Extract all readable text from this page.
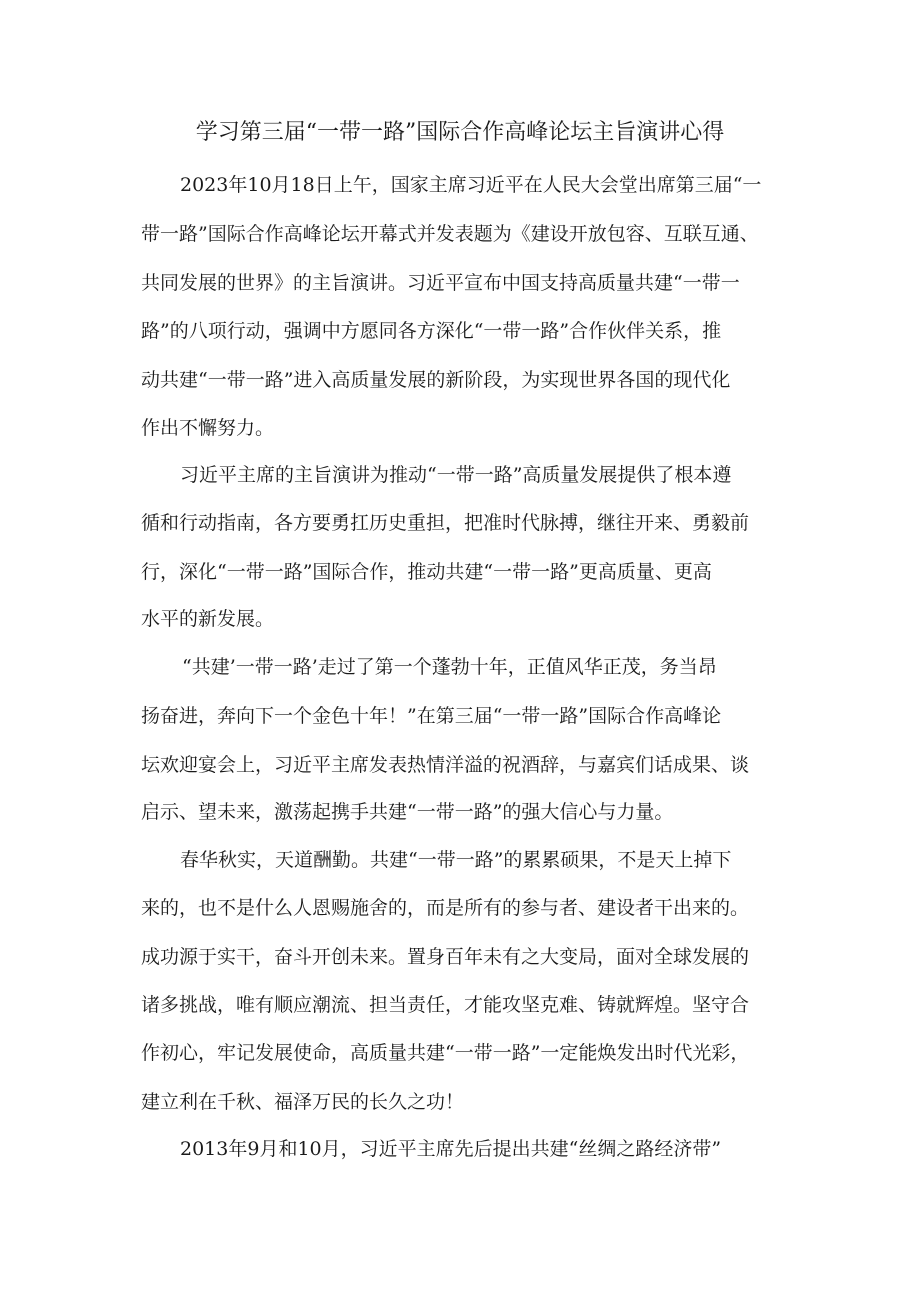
学习第三届“一带一路”国际合作高峰论坛主旨演讲心得
2023年10月18日上午，国家主席习近平在人民大会堂出席第三届“一
带一路”国际合作高峰论坛开幕式并发表题为《建设开放包容、互联互通、
共同发展的世界》的主旨演讲。习近平宣布中国支持高质量共建“一带一
路”的八项行动，强调中方愿同各方深化“一带一路”合作伙伴关系，推
动共建“一带一路”进入高质量发展的新阶段，为实现世界各国的现代化
作出不懈努力。
习近平主席的主旨演讲为推动“一带一路”高质量发展提供了根本遵
循和行动指南，各方要勇扛历史重担，把准时代脉搏，继往开来、勇毅前
行，深化“一带一路”国际合作，推动共建“一带一路”更高质量、更高
水平的新发展。
“共建’一带一路’走过了第一个蓬勃十年，正值风华正茂，务当昂
扬奋进，奔向下一个金色十年！”在第三届“一带一路”国际合作高峰论
坛欢迎宴会上，习近平主席发表热情洋溢的祝酒辞，与嘉宾们话成果、谈
启示、望未来，激荡起携手共建“一带一路”的强大信心与力量。
春华秋实，天道酬勤。共建“一带一路”的累累硕果，不是天上掉下
来的，也不是什么人恩赐施舍的，而是所有的参与者、建设者干出来的。
成功源于实干，奋斗开创未来。置身百年未有之大变局，面对全球发展的
诸多挑战，唯有顺应潮流、担当责任，才能攻坚克难、铸就辉煌。坚守合
作初心，牢记发展使命，高质量共建“一带一路”一定能焕发出时代光彩，
建立利在千秋、福泽万民的长久之功！
2013年9月和10月，习近平主席先后提出共建“丝绸之路经济带”
